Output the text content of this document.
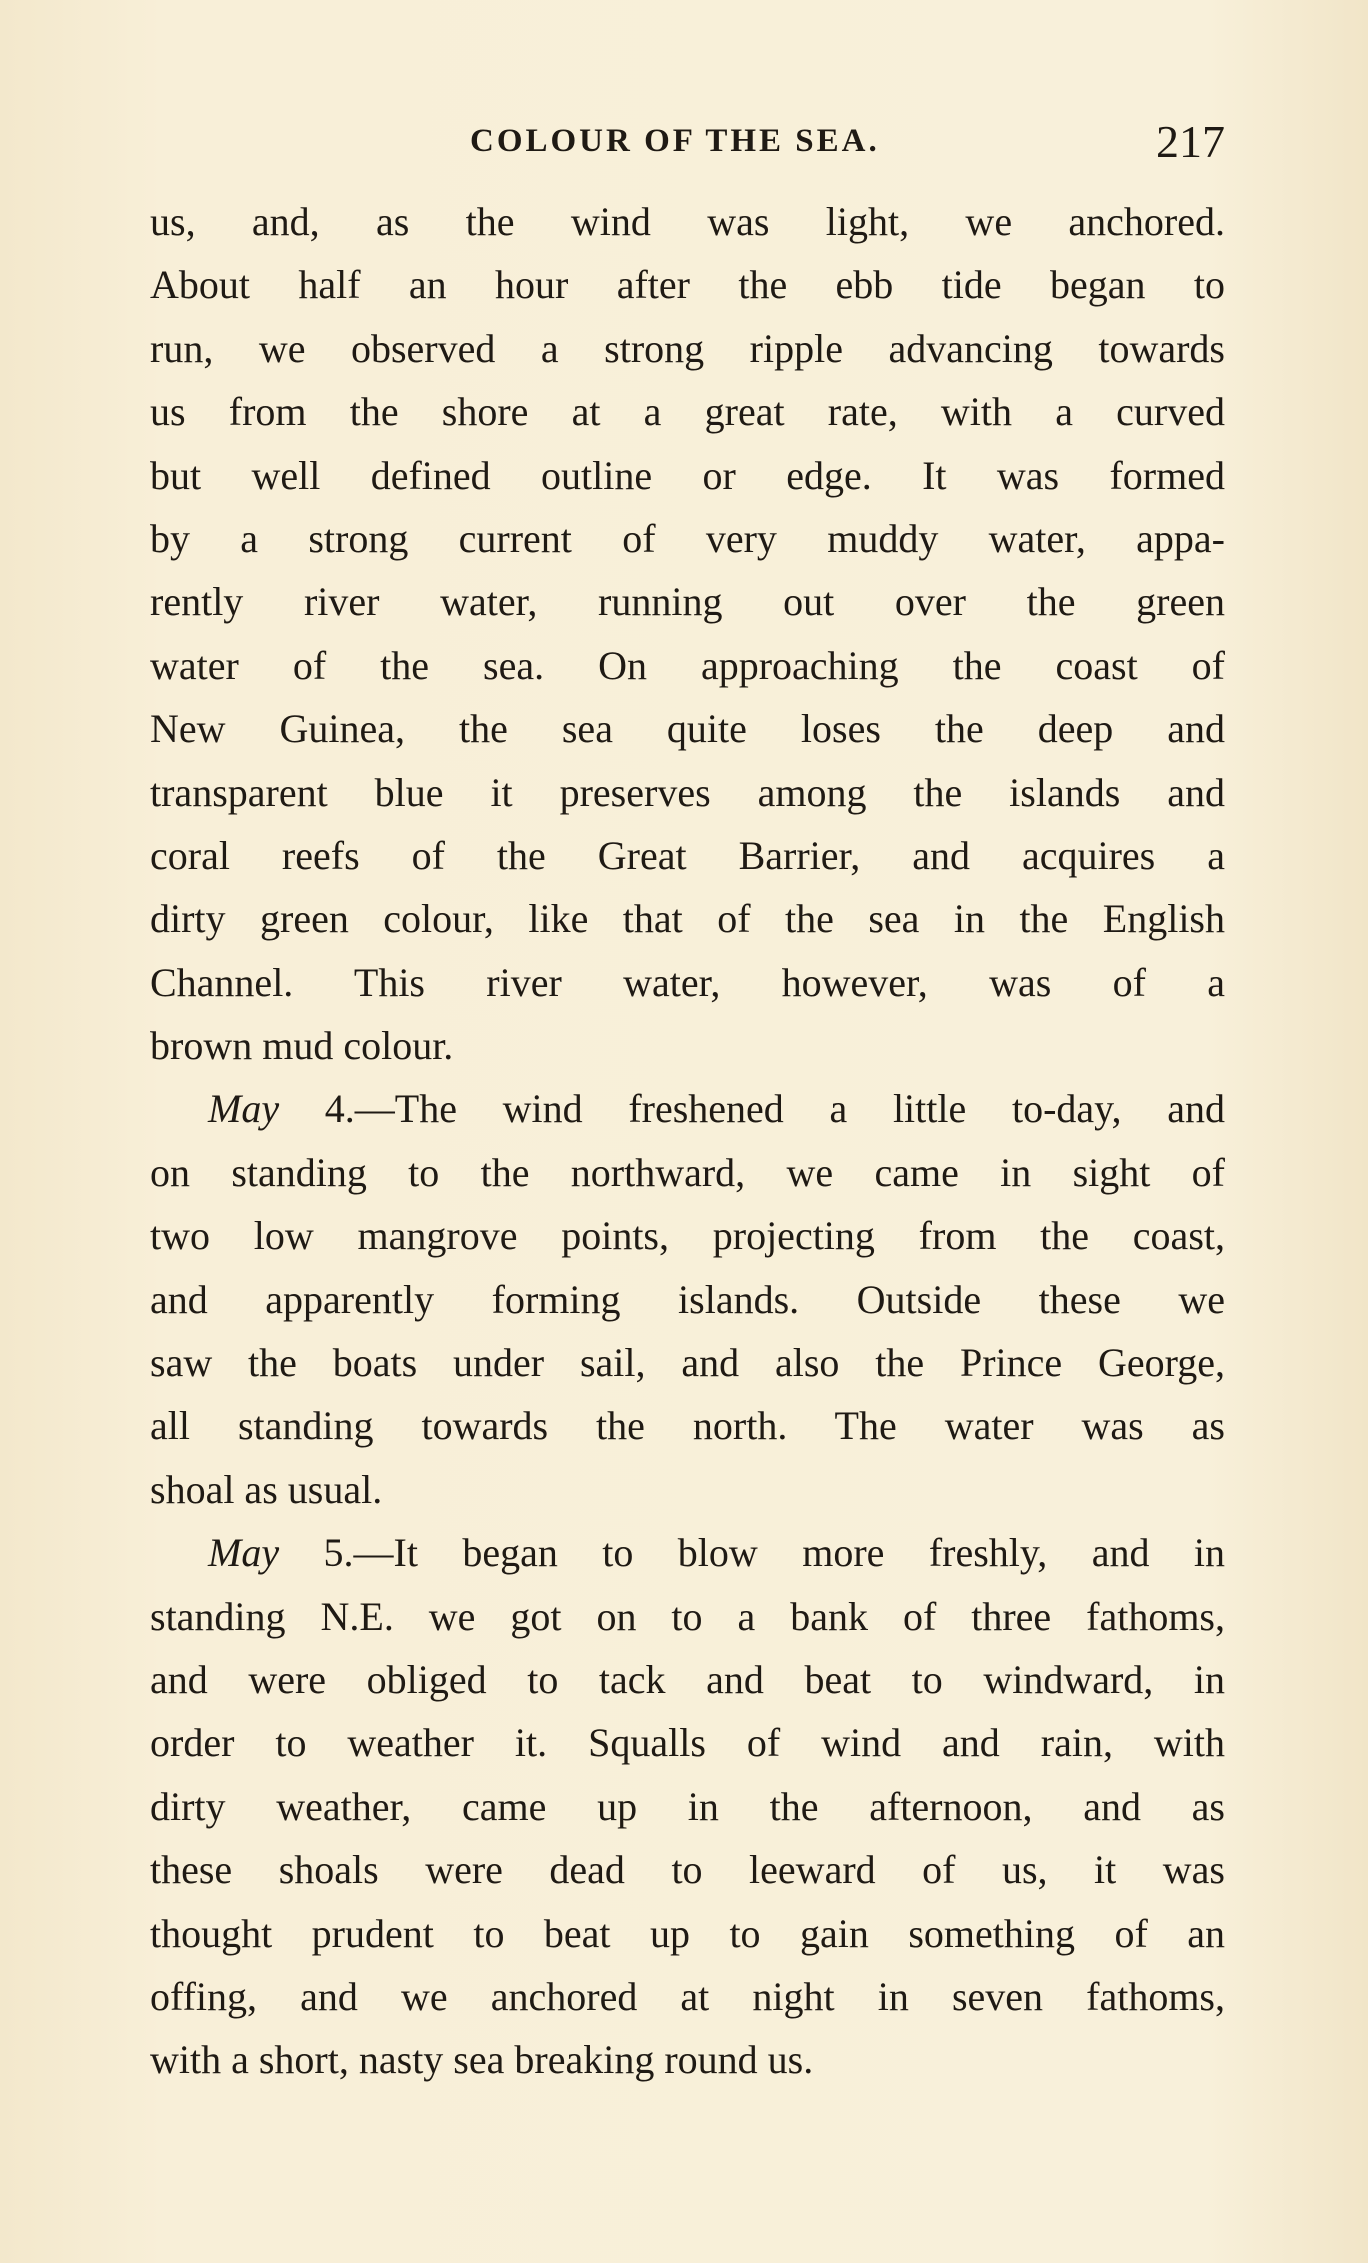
COLOUR OF THE SEA.	217
us, and, as the wind was light, we anchored.
About half an hour after the ebb tide began to
run, we observed a strong ripple advancing towards
us from the shore at a great rate, with a curved
but well defined outline or edge. It was formed
by a strong current of very muddy water, appa-
rently river water, running out over the green
water of the sea. On approaching the coast of
New Guinea, the sea quite loses the deep and
transparent blue it preserves among the islands and
coral reefs of the Great Barrier, and acquires a
dirty green colour, like that of the sea in the English
Channel. This river water, however, was of a
brown mud colour.
May 4.—The wind freshened a little to-day, and
on standing to the northward, we came in sight of
two low mangrove points, projecting from the coast,
and apparently forming islands. Outside these we
saw the boats under sail, and also the Prince George,
all standing towards the north. The water was as
shoal as usual.
May 5.—It began to blow more freshly, and in
standing N.E. we got on to a bank of three fathoms,
and were obliged to tack and beat to windward, in
order to weather it. Squalls of wind and rain, with
dirty weather, came up in the afternoon, and as
these shoals were dead to leeward of us, it was
thought prudent to beat up to gain something of an
offing, and we anchored at night in seven fathoms,
with a short, nasty sea breaking round us.
